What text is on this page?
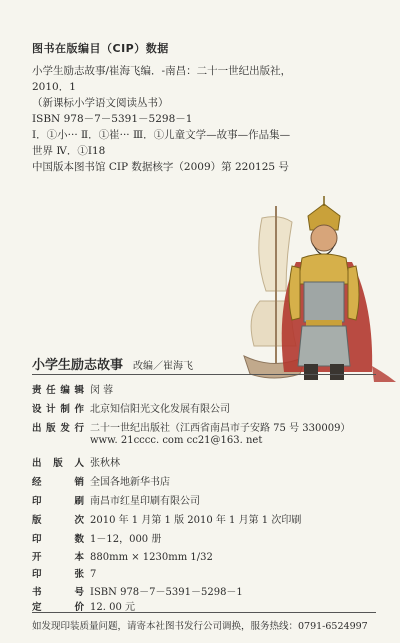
图书在版编目（CIP）数据
小学生励志故事/崔海飞编．-南昌：二十一世纪出版社，
2010．1
（新课标小学语文阅读丛书）
ISBN 978－7－5391－5298－1
Ⅰ．①小··· Ⅱ．①崔··· Ⅲ．①儿童文学—故事—作品集—
世界 Ⅳ．①I18
中国版本图书馆 CIP 数据核字（2009）第 220125 号
小学生励志故事 改编／崔海飞
责任编辑 闵 蓉
设计制作 北京知信阳光文化发展有限公司
出版发行 二十一世纪出版社（江西省南昌市子安路 75 号 330009）
www. 21cccc. com cc21@163. net
出版人 张秋林
经销 全国各地新华书店
印刷 南昌市红星印刷有限公司
版次 2010 年 1 月第 1 版 2010 年 1 月第 1 次印刷
印数 1－12，000 册
开本 880mm × 1230mm 1/32
印张 7
书号 ISBN 978－7－5391－5298－1
定价 12. 00 元
如发现印装质量问题，请寄本社图书发行公司调换，服务热线：0791-6524997
